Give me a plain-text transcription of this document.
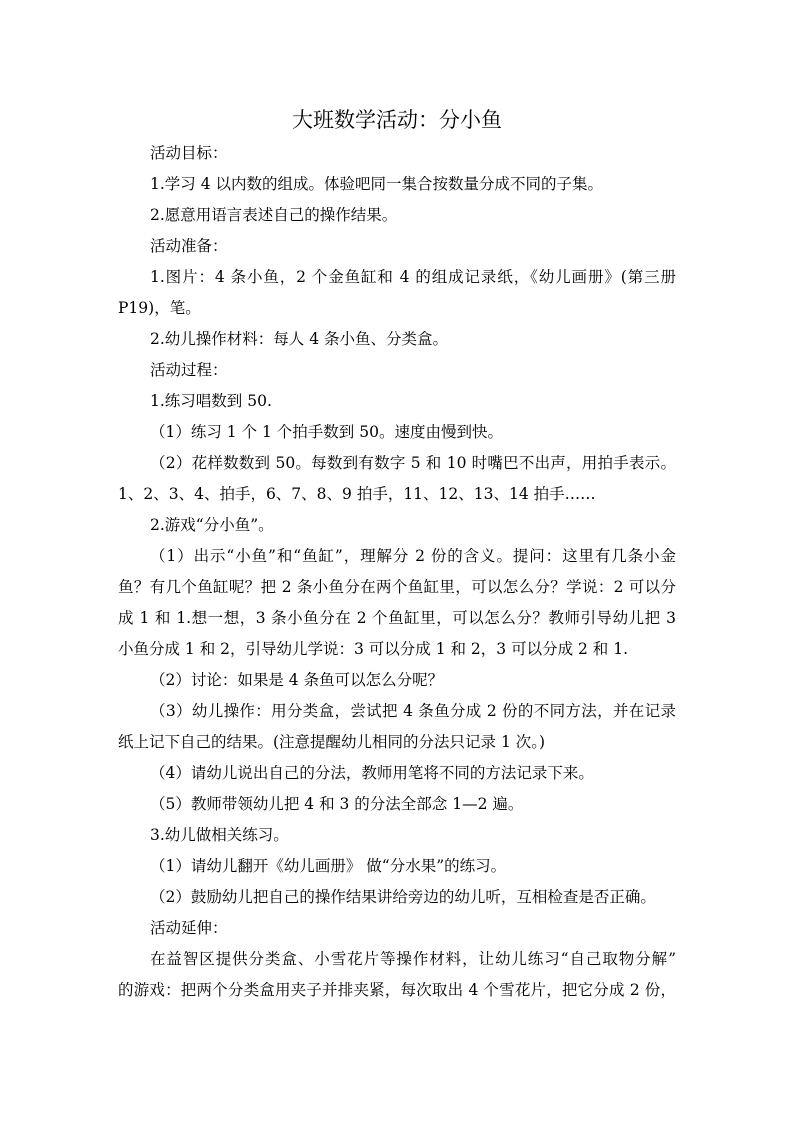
大班数学活动：分小鱼
活动目标：
1.学习 4 以内数的组成。体验吧同一集合按数量分成不同的子集。
2.愿意用语言表述自己的操作结果。
活动准备：
1.图片：4 条小鱼，2 个金鱼缸和 4 的组成记录纸，《幼儿画册》(第三册
P19)，笔。
2.幼儿操作材料：每人 4 条小鱼、分类盒。
活动过程：
1.练习唱数到 50.
（1）练习 1 个 1 个拍手数到 50。速度由慢到快。
（2）花样数数到 50。每数到有数字 5 和 10 时嘴巴不出声，用拍手表示。
1、2、3、4、拍手，6、7、8、9 拍手，11、12、13、14 拍手……
2.游戏“分小鱼”。
（1）出示“小鱼”和“鱼缸”，理解分 2 份的含义。提问：这里有几条小金
鱼？有几个鱼缸呢？把 2 条小鱼分在两个鱼缸里，可以怎么分？学说：2 可以分
成 1 和 1.想一想，3 条小鱼分在 2 个鱼缸里，可以怎么分？教师引导幼儿把 3
小鱼分成 1 和 2，引导幼儿学说：3 可以分成 1 和 2，3 可以分成 2 和 1.
（2）讨论：如果是 4 条鱼可以怎么分呢？
（3）幼儿操作：用分类盒，尝试把 4 条鱼分成 2 份的不同方法，并在记录
纸上记下自己的结果。(注意提醒幼儿相同的分法只记录 1 次。)
（4）请幼儿说出自己的分法，教师用笔将不同的方法记录下来。
（5）教师带领幼儿把 4 和 3 的分法全部念 1—2 遍。
3.幼儿做相关练习。
（1）请幼儿翻开《幼儿画册》 做“分水果”的练习。
（2）鼓励幼儿把自己的操作结果讲给旁边的幼儿听，互相检查是否正确。
活动延伸：
在益智区提供分类盒、小雪花片等操作材料，让幼儿练习“自己取物分解”
的游戏：把两个分类盒用夹子并排夹紧，每次取出 4 个雪花片，把它分成 2 份，
